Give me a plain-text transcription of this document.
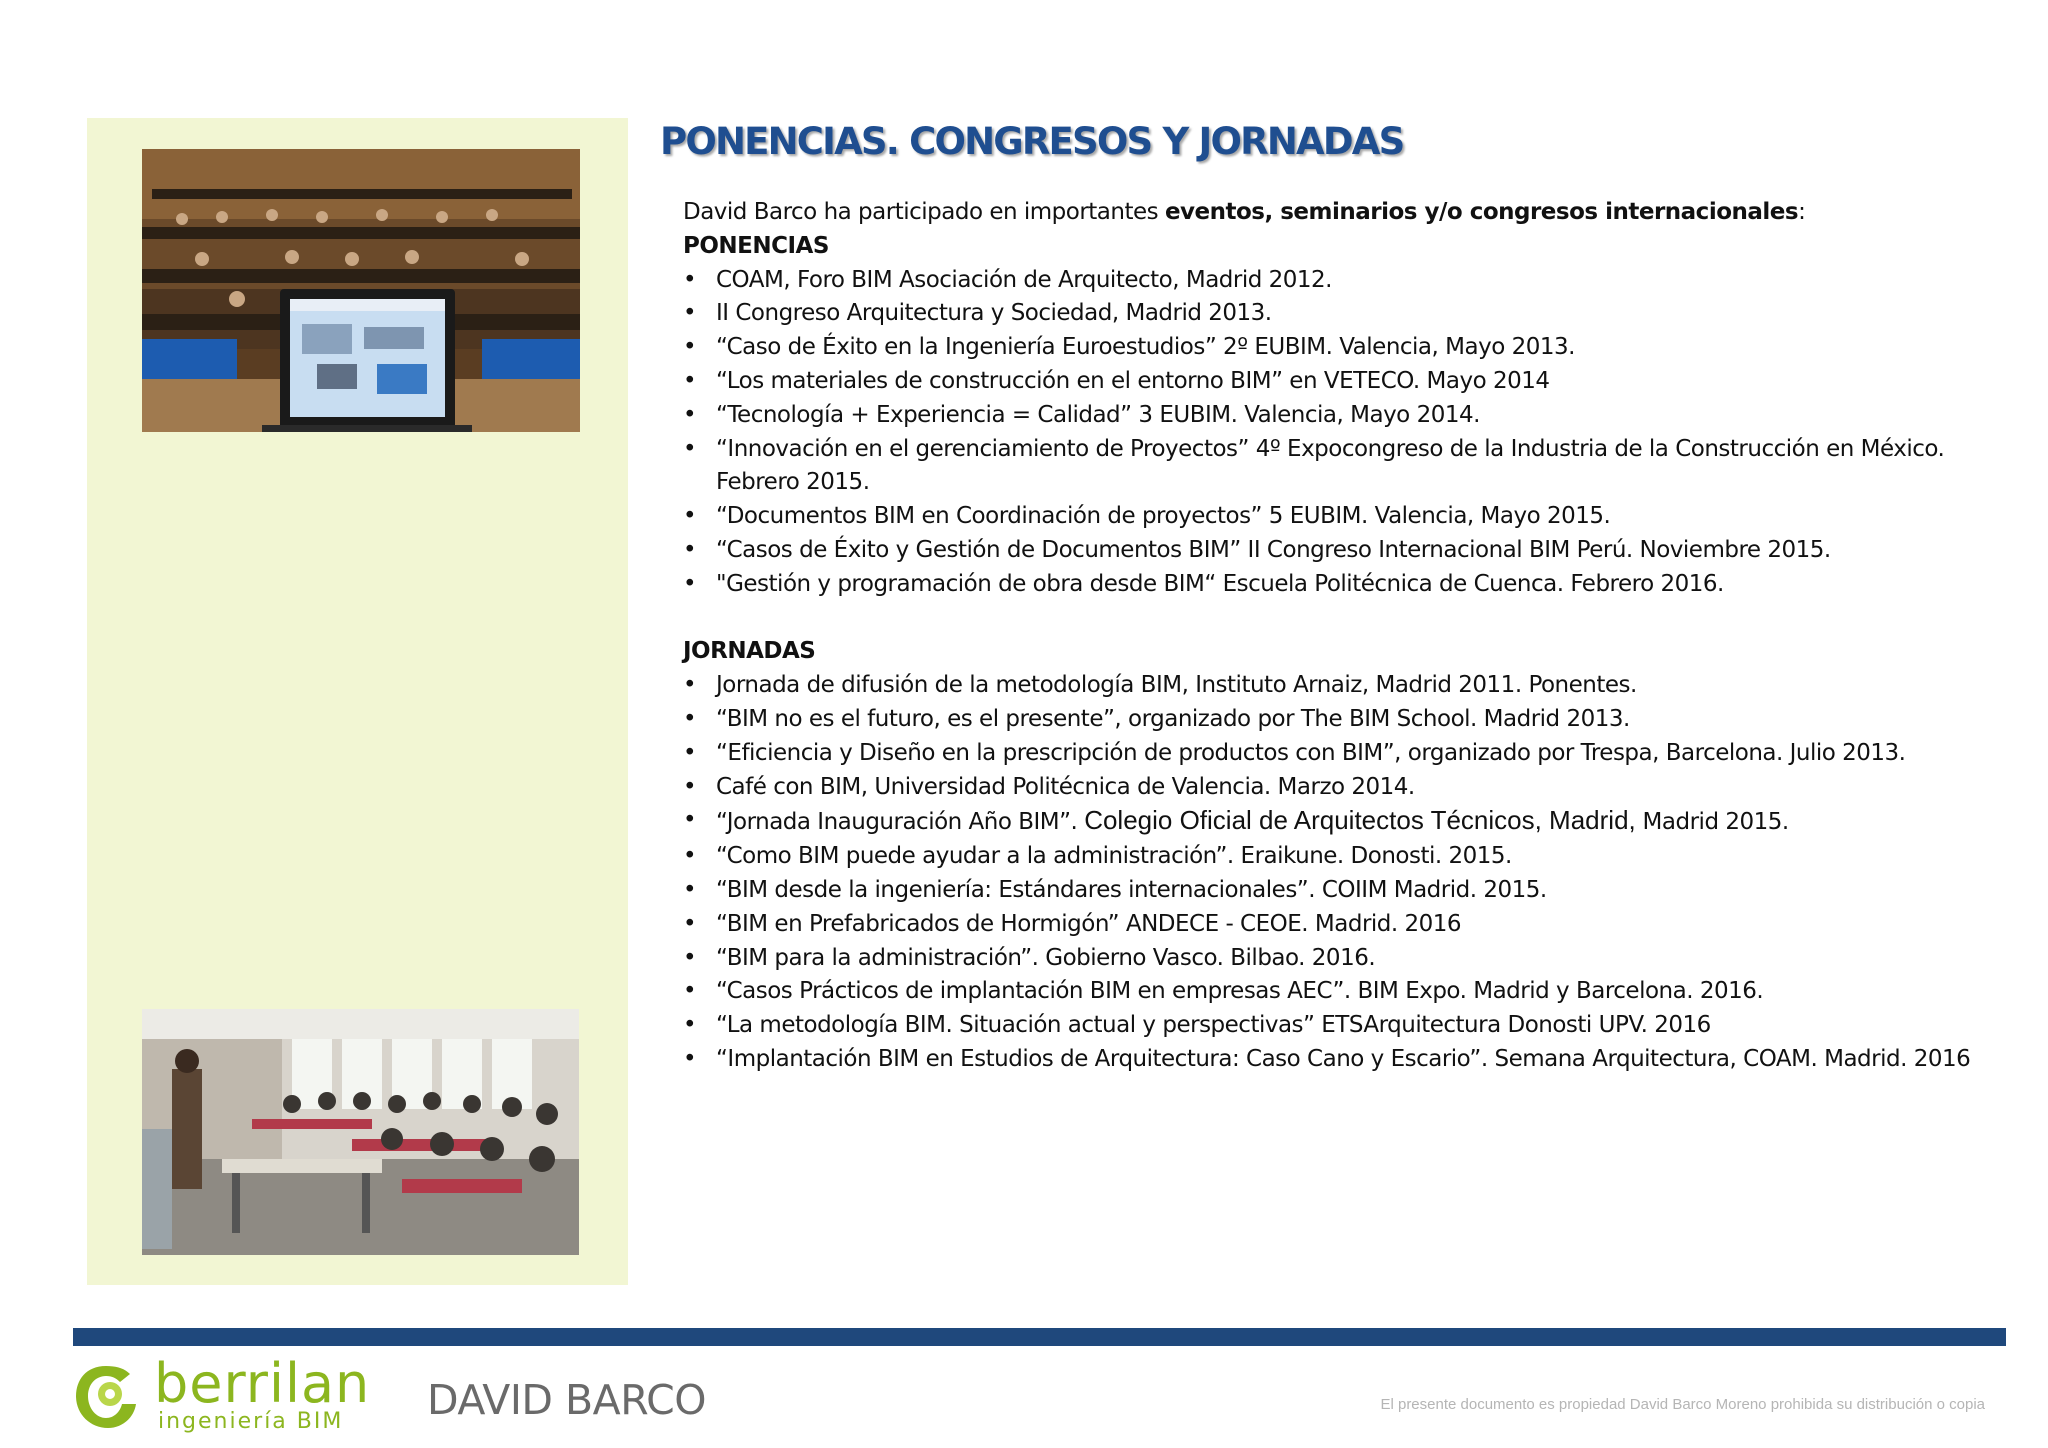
PONENCIAS. CONGRESOS Y JORNADAS

David Barco ha participado en importantes eventos, seminarios y/o congresos internacionales:

PONENCIAS

• COAM, Foro BIM Asociación de Arquitecto, Madrid 2012.
• II Congreso Arquitectura y Sociedad, Madrid 2013.
• “Caso de Éxito en la Ingeniería Euroestudios” 2º EUBIM. Valencia, Mayo 2013.
• “Los materiales de construcción en el entorno BIM” en VETECO. Mayo 2014
• “Tecnología + Experiencia = Calidad” 3 EUBIM. Valencia, Mayo 2014.
• “Innovación en el gerenciamiento de Proyectos” 4º Expocongreso de la Industria de la Construcción en México. Febrero 2015.
• “Documentos BIM en Coordinación de proyectos” 5 EUBIM. Valencia, Mayo 2015.
• “Casos de Éxito y Gestión de Documentos BIM” II Congreso Internacional BIM Perú. Noviembre 2015.
• "Gestión y programación de obra desde BIM“ Escuela Politécnica de Cuenca. Febrero 2016.

JORNADAS

• Jornada de difusión de la metodología BIM, Instituto Arnaiz, Madrid 2011. Ponentes.
• “BIM no es el futuro, es el presente”, organizado por The BIM School. Madrid 2013.
• “Eficiencia y Diseño en la prescripción de productos con BIM”, organizado por Trespa, Barcelona. Julio 2013.
• Café con BIM, Universidad Politécnica de Valencia. Marzo 2014.
• “Jornada Inauguración Año BIM”. Colegio Oficial de Arquitectos Técnicos, Madrid, Madrid 2015.
• “Como BIM puede ayudar a la administración”. Eraikune. Donosti. 2015.
• “BIM desde la ingeniería: Estándares internacionales”. COIIM Madrid. 2015.
• “BIM en Prefabricados de Hormigón” ANDECE - CEOE. Madrid. 2016
• “BIM para la administración”. Gobierno Vasco. Bilbao. 2016.
• “Casos Prácticos de implantación BIM en empresas AEC”. BIM Expo. Madrid y Barcelona. 2016.
• “La metodología BIM. Situación actual y perspectivas” ETSArquitectura Donosti UPV. 2016
• “Implantación BIM en Estudios de Arquitectura: Caso Cano y Escario”. Semana Arquitectura, COAM. Madrid. 2016
berrilan
ingeniería BIM DAVID BARCO	El presente documento es propiedad David Barco Moreno prohibida su distribución o copia
